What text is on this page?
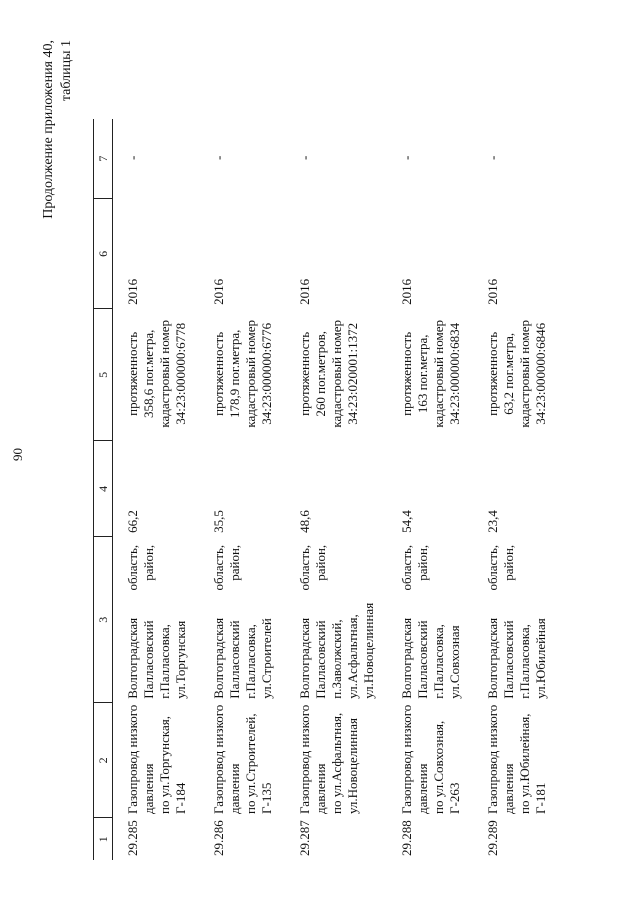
90
Продолжение приложения 40, таблицы 1
1	2	3		4	5	6	7

29.285	Газопровод низкого давления по ул.Торгунская, Г-184	Волгоградская Палласовский г.Палласовка, ул.Торгунская	область, район,	66,2	протяженность 358,6 пог.метра, кадастровый номер 34:23:000000:6778	2016	-
29.286	Газопровод низкого давления по ул.Строителей, Г-135	Волгоградская Палласовский г.Палласовка, ул.Строителей	область, район,	35,5	протяженность 178,9 пог.метра, кадастровый номер 34:23:000000:6776	2016	-
29.287	Газопровод низкого давления по ул.Асфальтная, ул.Новоцелинная	Волгоградская Палласовский п.Заволжский, ул.Асфальтная, ул.Новоцелинная	область, район,	48,6	протяженность 260 пог.метров, кадастровый номер 34:23:020001:1372	2016	-
29.288	Газопровод низкого давления по ул.Совхозная, Г-263	Волгоградская Палласовский г.Палласовка, ул.Совхозная	область, район,	54,4	протяженность 163 пог.метра, кадастровый номер 34:23:000000:6834	2016	-
29.289	Газопровод низкого давления по ул.Юбилейная, Г-181	Волгоградская Палласовский г.Палласовка, ул.Юбилейная	область, район,	23,4	протяженность 63,2 пог.метра, кадастровый номер 34:23:000000:6846	2016	-
